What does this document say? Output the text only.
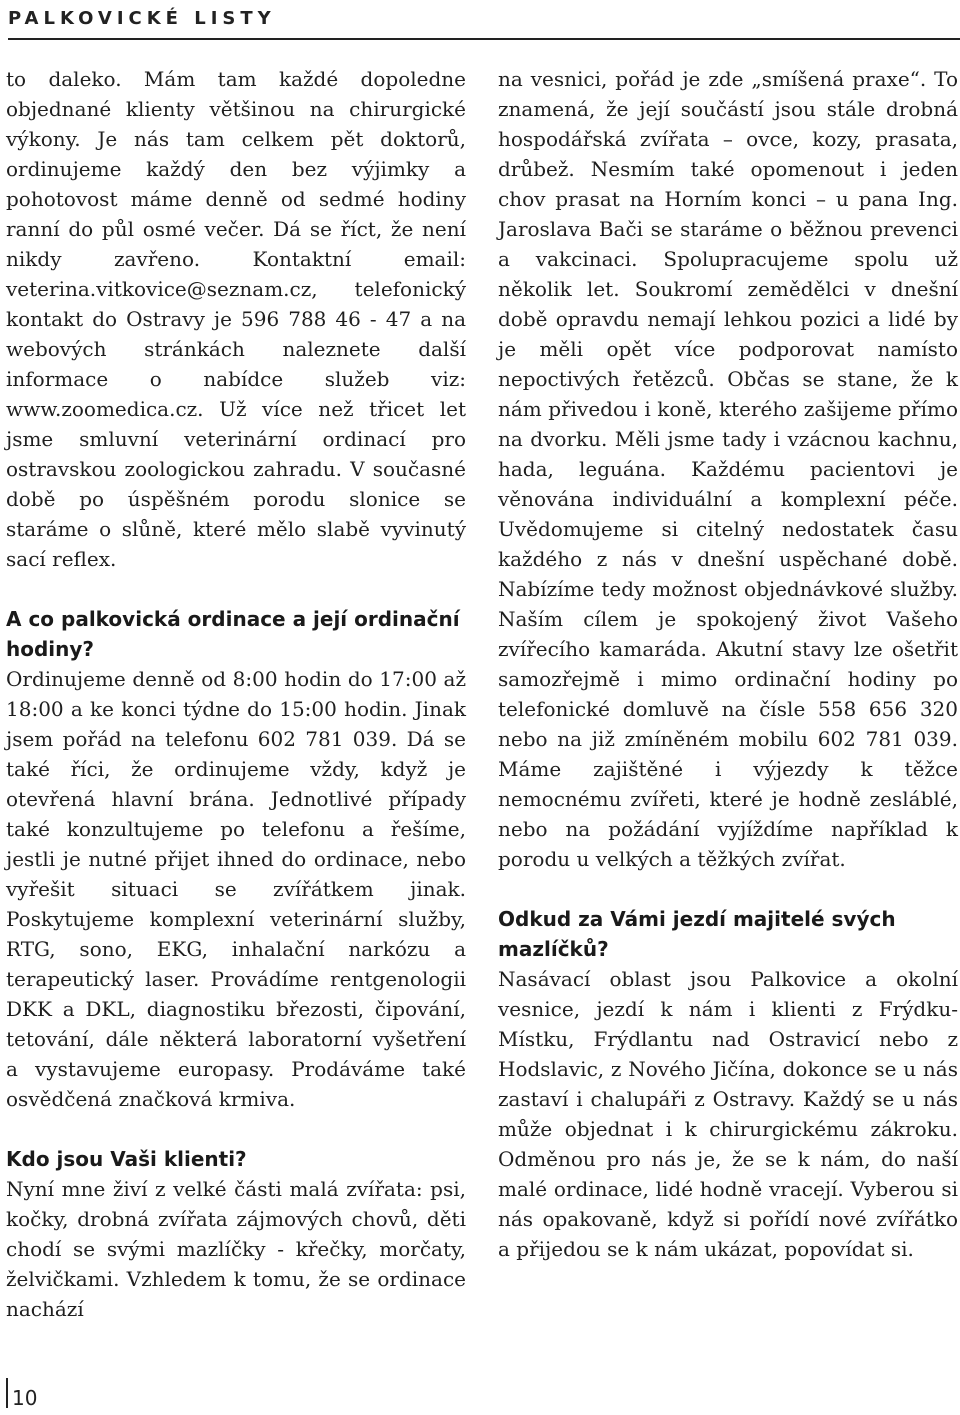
PALKOVICKÉ LISTY

to daleko. Mám tam každé dopoledne objednané klienty většinou na chirurgické výkony. Je nás tam celkem pět doktorů, ordinujeme každý den bez výjimky a pohotovost máme denně od sedmé hodiny ranní do půl osmé večer. Dá se říct, že není nikdy zavřeno. Kontaktní email: veterina.vitkovice@seznam.cz, telefonický kontakt do Ostravy je 596 788 46 - 47 a na webových stránkách naleznete další informace o nabídce služeb viz: www.zoomedica.cz. Už více než třicet let jsme smluvní veterinární ordinací pro ostravskou zoologickou zahradu. V současné době po úspěšném porodu slonice se staráme o slůně, které mělo slabě vyvinutý sací reflex.

A co palkovická ordinace a její ordinační hodiny?

Ordinujeme denně od 8:00 hodin do 17:00 až 18:00 a ke konci týdne do 15:00 hodin. Jinak jsem pořád na telefonu 602 781 039. Dá se také říci, že ordinujeme vždy, když je otevřená hlavní brána. Jednotlivé případy také konzultujeme po telefonu a řešíme, jestli je nutné přijet ihned do ordinace, nebo vyřešit situaci se zvířátkem jinak. Poskytujeme komplexní veterinární služby, RTG, sono, EKG, inhalační narkózu a terapeutický laser. Provádíme rentgenologii DKK a DKL, diagnostiku březosti, čipování, tetování, dále některá laboratorní vyšetření a vystavujeme europasy. Prodáváme také osvědčená značková krmiva.

Kdo jsou Vaši klienti?

Nyní mne živí z velké části malá zvířata: psi, kočky, drobná zvířata zájmových chovů, děti chodí se svými mazlíčky - křečky, morčaty, želvičkami. Vzhledem k tomu, že se ordinace nachází

na vesnici, pořád je zde „smíšená praxe“. To znamená, že její součástí jsou stále drobná hospodářská zvířata – ovce, kozy, prasata, drůbež. Nesmím také opomenout i jeden chov prasat na Horním konci – u pana Ing. Jaroslava Bači se staráme o běžnou prevenci a vakcinaci. Spolupracujeme spolu už několik let. Soukromí zemědělci v dnešní době opravdu nemají lehkou pozici a lidé by je měli opět více podporovat namísto nepoctivých řetězců. Občas se stane, že k nám přivedou i koně, kterého zašijeme přímo na dvorku. Měli jsme tady i vzácnou kachnu, hada, leguána. Každému pacientovi je věnována individuální a komplexní péče. Uvědomujeme si citelný nedostatek času každého z nás v dnešní uspěchané době. Nabízíme tedy možnost objednávkové služby. Naším cílem je spokojený život Vašeho zvířecího kamaráda. Akutní stavy lze ošetřit samozřejmě i mimo ordinační hodiny po telefonické domluvě na čísle 558 656 320 nebo na již zmíněném mobilu 602 781 039. Máme zajištěné i výjezdy k těžce nemocnému zvířeti, které je hodně zesláblé, nebo na požádání vyjíždíme například k porodu u velkých a těžkých zvířat.

Odkud za Vámi jezdí majitelé svých mazlíčků?

Nasávací oblast jsou Palkovice a okolní vesnice, jezdí k nám i klienti z Frýdku-Místku, Frýdlantu nad Ostravicí nebo z Hodslavic, z Nového Jičína, dokonce se u nás zastaví i chalupáři z Ostravy. Každý se u nás může objednat i k chirurgickému zákroku. Odměnou pro nás je, že se k nám, do naší malé ordinace, lidé hodně vracejí. Vyberou si nás opakovaně, když si pořídí nové zvířátko a přijedou se k nám ukázat, popovídat si.

10
